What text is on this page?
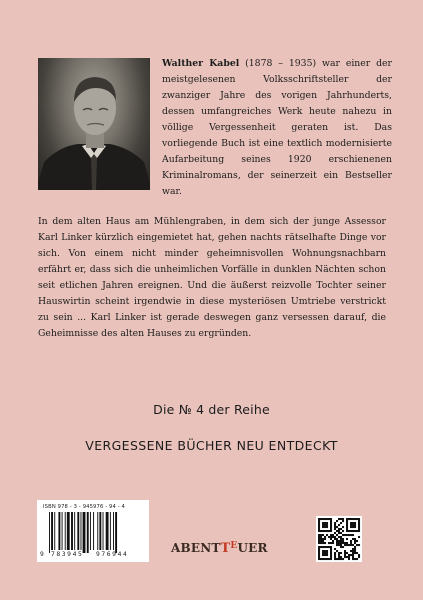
Walther Kabel (1878 – 1935) war einer der meistgelesenen Volksschriftsteller der zwanziger Jahre des vorigen Jahrhunderts, dessen umfangreiches Werk heute nahezu in völlige Vergessenheit geraten ist. Das vorliegende Buch ist eine textlich modernisierte Aufarbeitung seines 1920 erschienenen Kriminalromans, der seinerzeit ein Bestseller war.
In dem alten Haus am Mühlengraben, in dem sich der junge Assessor Karl Linker kürzlich eingemietet hat, gehen nachts rätselhafte Dinge vor sich. Von einem nicht minder geheimnisvollen Wohnungsnachbarn erfährt er, dass sich die unheimlichen Vorfälle in dunklen Nächten schon seit etlichen Jahren ereignen. Und die äußerst reizvolle Tochter seiner Hauswirtin scheint irgendwie in diese mysteriösen Umtriebe verstrickt zu sein ... Karl Linker ist gerade deswegen ganz versessen darauf, die Geheimnisse des alten Hauses zu ergründen.
Die № 4 der Reihe
VERGESSENE BÜCHER NEU ENTDECKT
ISBN 978 - 3 - 945976 - 94 - 4
9 783945 976944	$ABENTT^EUER$
